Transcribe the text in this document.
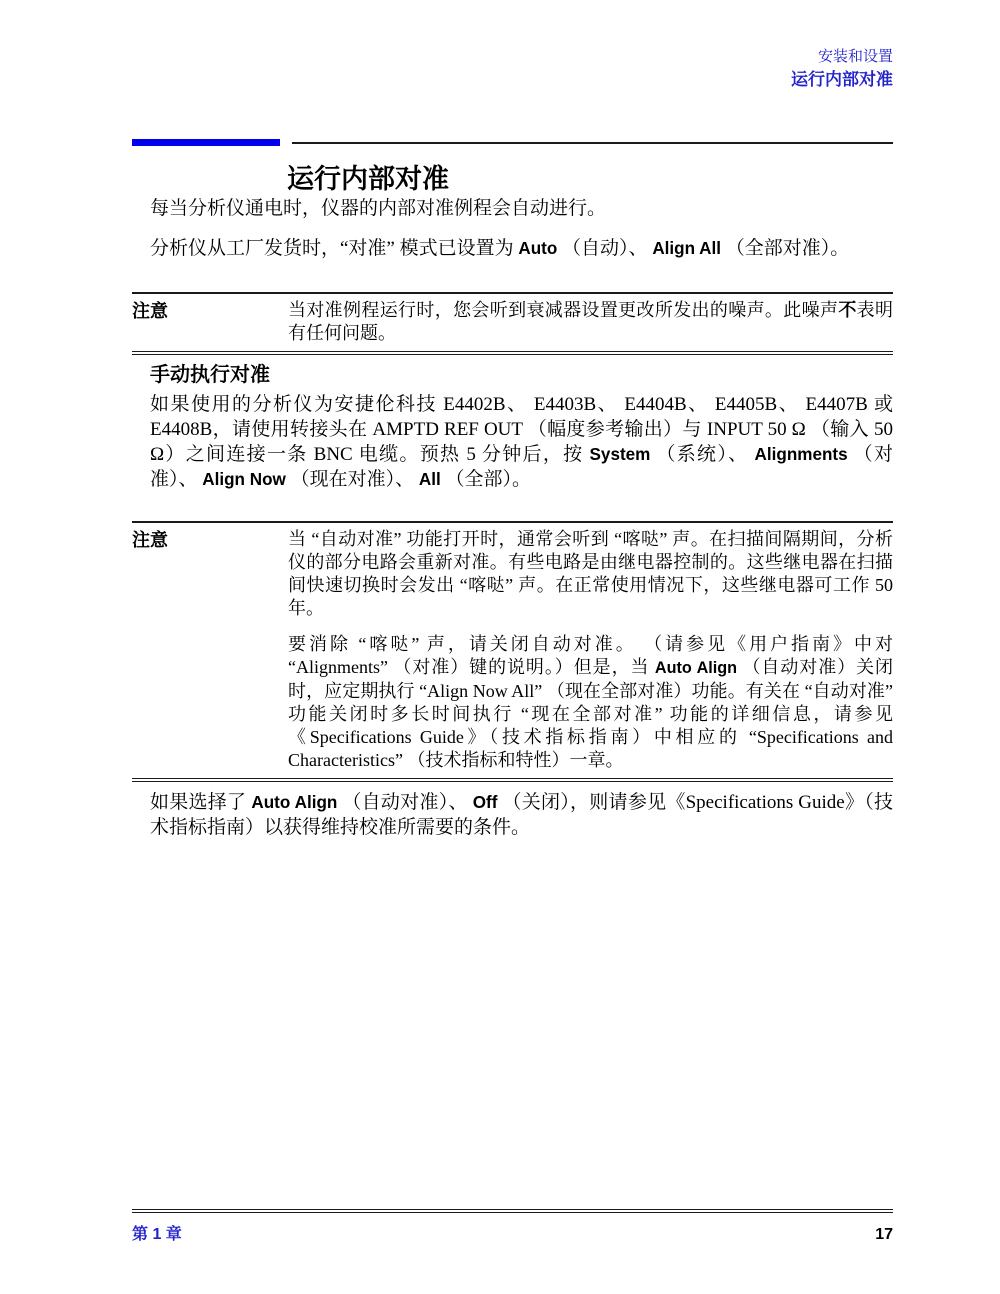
安装和设置
运行内部对准
运行内部对准

每当分析仪通电时，仪器的内部对准例程会自动进行。

分析仪从工厂发货时，“对准” 模式已设置为 Auto （自动）、 Align All （全部对准）。

注意	当对准例程运行时，您会听到衰减器设置更改所发出的噪声。此噪声不表明有任何问题。
手动执行对准

如果使用的分析仪为安捷伦科技 E4402B、 E4403B、 E4404B、 E4405B、 E4407B 或 E4408B，请使用转接头在 AMPTD REF OUT （幅度参考输出）与 INPUT 50 Ω （输入 50 Ω）之间连接一条 BNC 电缆。预热 5 分钟后，按 System （系统）、 Alignments （对准）、 Align Now （现在对准）、 All （全部）。

注意	当 “自动对准” 功能打开时，通常会听到 “喀哒” 声。在扫描间隔期间，分析仪的部分电路会重新对准。有些电路是由继电器控制的。这些继电器在扫描间快速切换时会发出 “喀哒” 声。在正常使用情况下，这些继电器可工作 50 年。
要消除 “喀哒” 声，请关闭自动对准。 （请参见《用户指南》中对 “Alignments” （对准）键的说明。）但是，当 Auto Align （自动对准）关闭时，应定期执行 “Align Now All” （现在全部对准）功能。有关在 “自动对准” 功能关闭时多长时间执行 “现在全部对准” 功能的详细信息，请参见《Specifications Guide》（技术指标指南）中相应的 “Specifications and Characteristics” （技术指标和特性）一章。

如果选择了 Auto Align （自动对准）、 Off （关闭），则请参见《Specifications Guide》（技术指标指南）以获得维持校准所需要的条件。

第 1 章	17
